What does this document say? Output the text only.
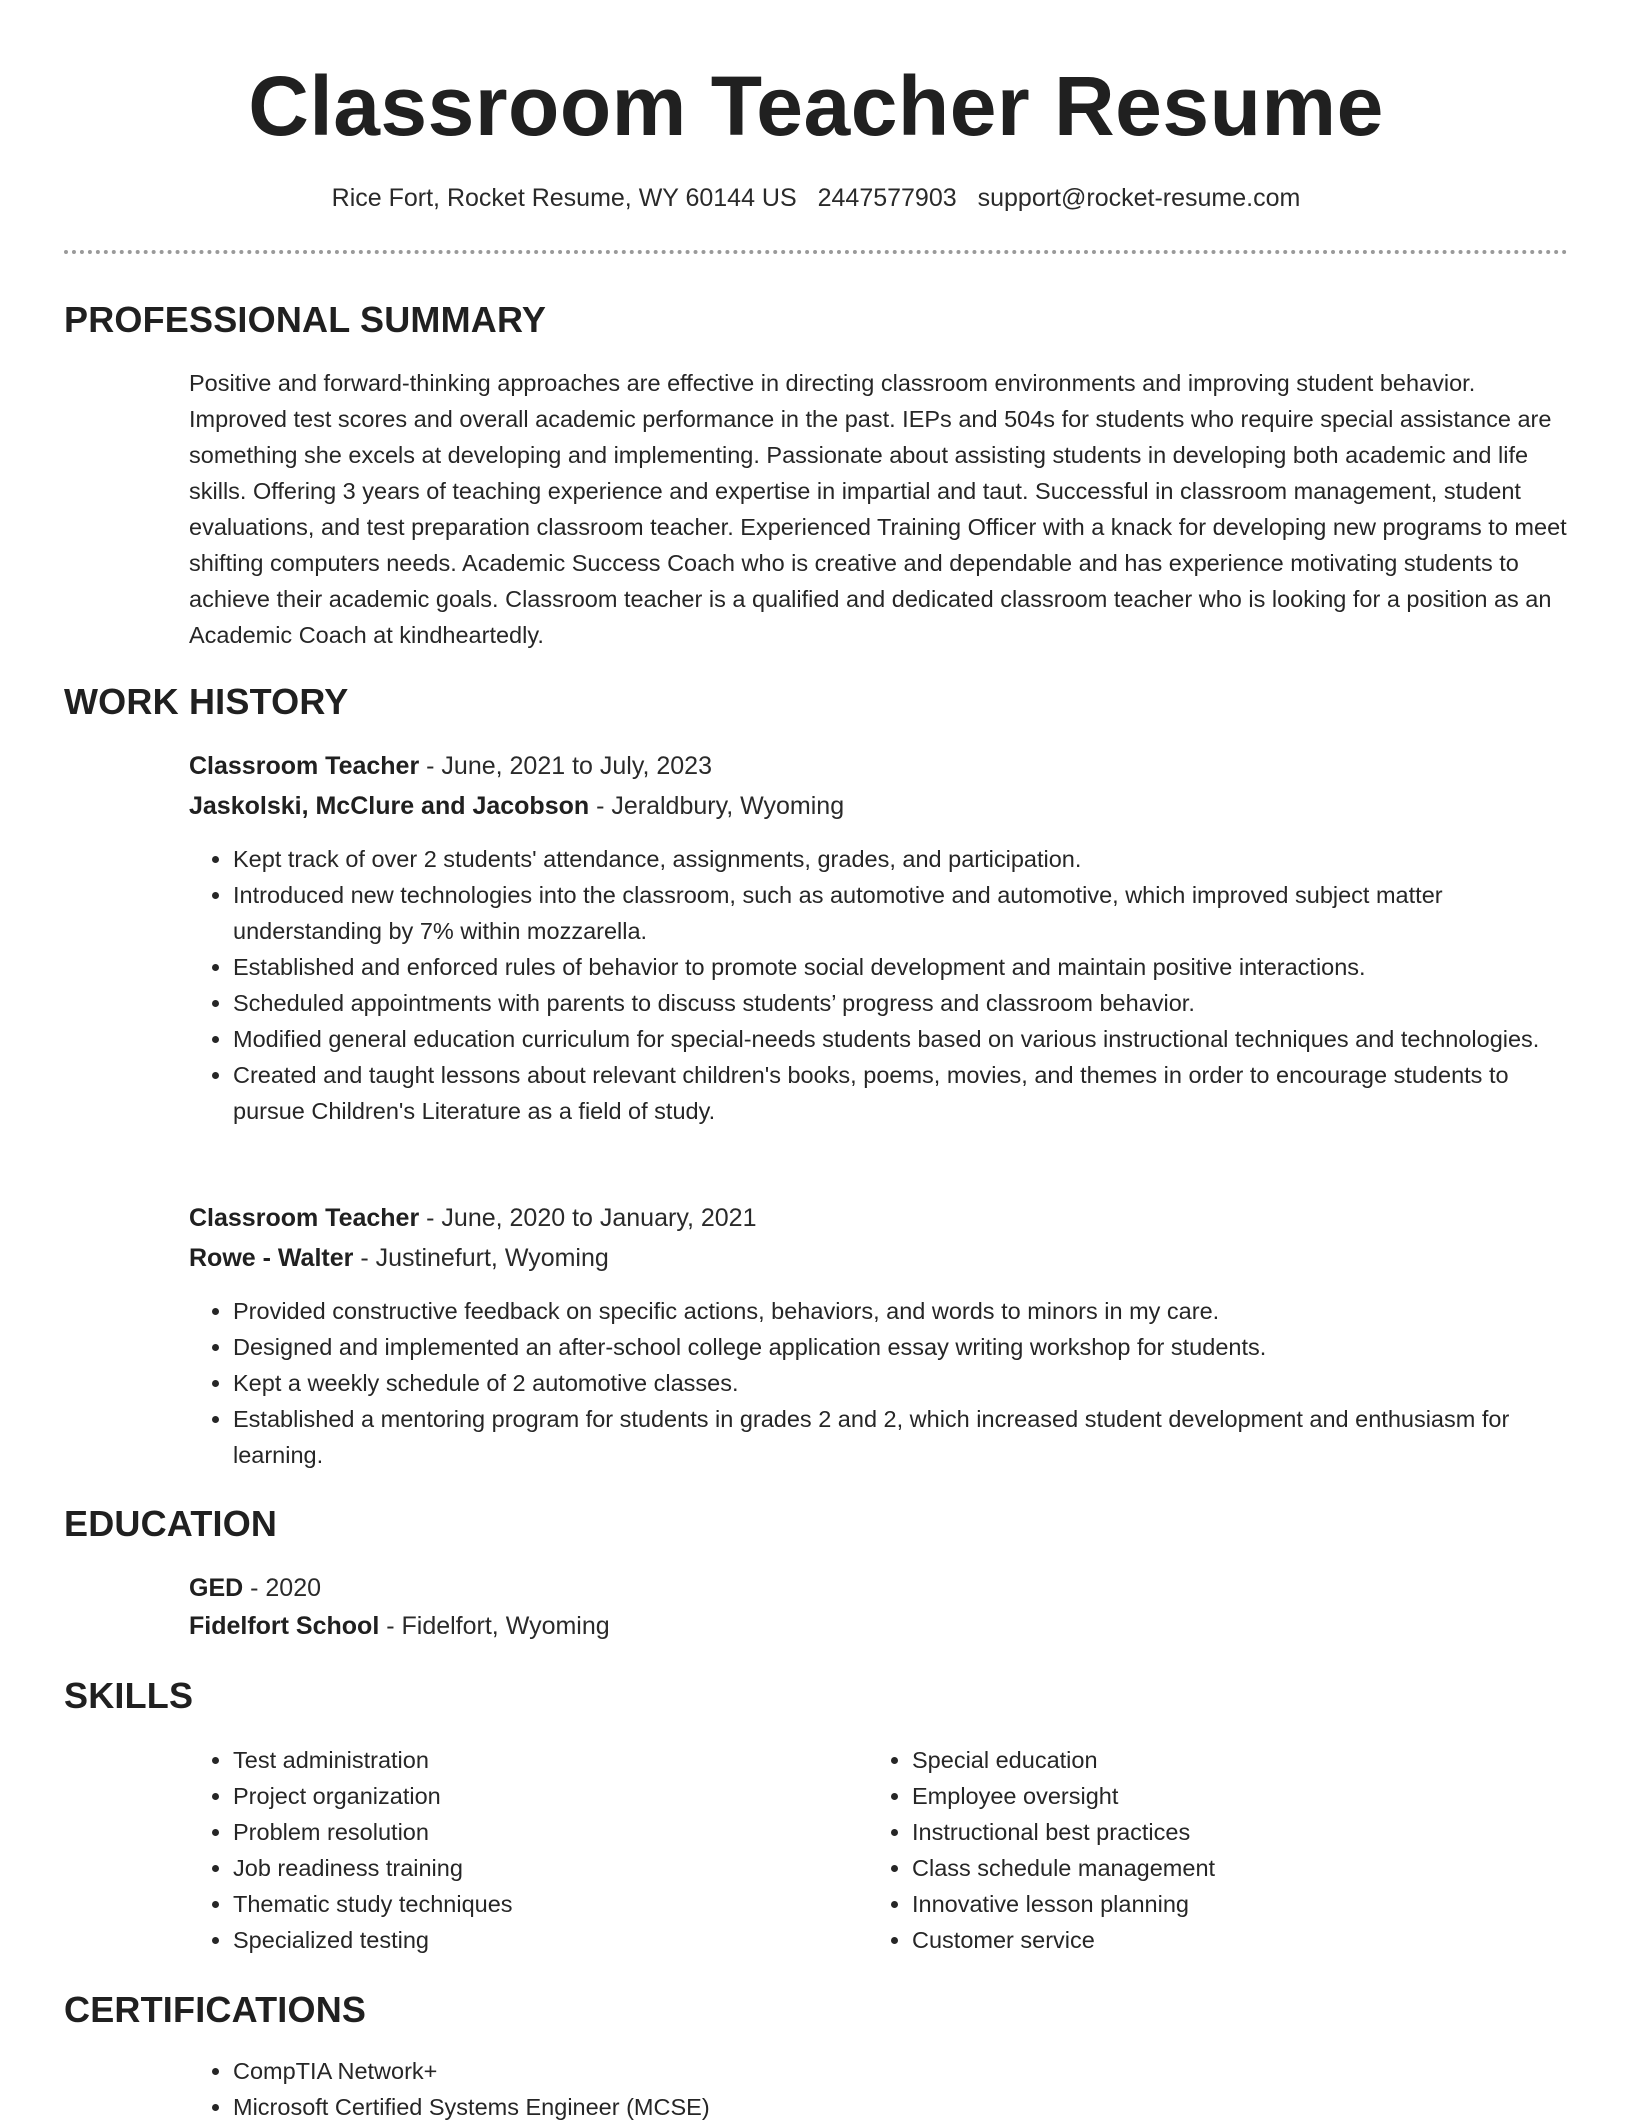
Classroom Teacher Resume
Rice Fort, Rocket Resume, WY 60144 US 2447577903 support@rocket-resume.com
PROFESSIONAL SUMMARY

Positive and forward-thinking approaches are effective in directing classroom environments and improving student behavior. Improved test scores and overall academic performance in the past. IEPs and 504s for students who require special assistance are something she excels at developing and implementing. Passionate about assisting students in developing both academic and life skills. Offering 3 years of teaching experience and expertise in impartial and taut. Successful in classroom management, student evaluations, and test preparation classroom teacher. Experienced Training Officer with a knack for developing new programs to meet shifting computers needs. Academic Success Coach who is creative and dependable and has experience motivating students to achieve their academic goals. Classroom teacher is a qualified and dedicated classroom teacher who is looking for a position as an Academic Coach at kindheartedly.

WORK HISTORY
Classroom Teacher - June, 2021 to July, 2023
Jaskolski, McClure and Jacobson - Jeraldbury, Wyoming
• Kept track of over 2 students' attendance, assignments, grades, and participation.
• Introduced new technologies into the classroom, such as automotive and automotive, which improved subject matter understanding by 7% within mozzarella.
• Established and enforced rules of behavior to promote social development and maintain positive interactions.
• Scheduled appointments with parents to discuss students’ progress and classroom behavior.
• Modified general education curriculum for special-needs students based on various instructional techniques and technologies.
• Created and taught lessons about relevant children's books, poems, movies, and themes in order to encourage students to pursue Children's Literature as a field of study.
Classroom Teacher - June, 2020 to January, 2021
Rowe - Walter - Justinefurt, Wyoming
• Provided constructive feedback on specific actions, behaviors, and words to minors in my care.
• Designed and implemented an after-school college application essay writing workshop for students.
• Kept a weekly schedule of 2 automotive classes.
• Established a mentoring program for students in grades 2 and 2, which increased student development and enthusiasm for learning.
EDUCATION
GED - 2020
Fidelfort School - Fidelfort, Wyoming
SKILLS
• Test administration
• Project organization
• Problem resolution
• Job readiness training
• Thematic study techniques
• Specialized testing
• Special education
• Employee oversight
• Instructional best practices
• Class schedule management
• Innovative lesson planning
• Customer service
CERTIFICATIONS
• CompTIA Network+
• Microsoft Certified Systems Engineer (MCSE)
